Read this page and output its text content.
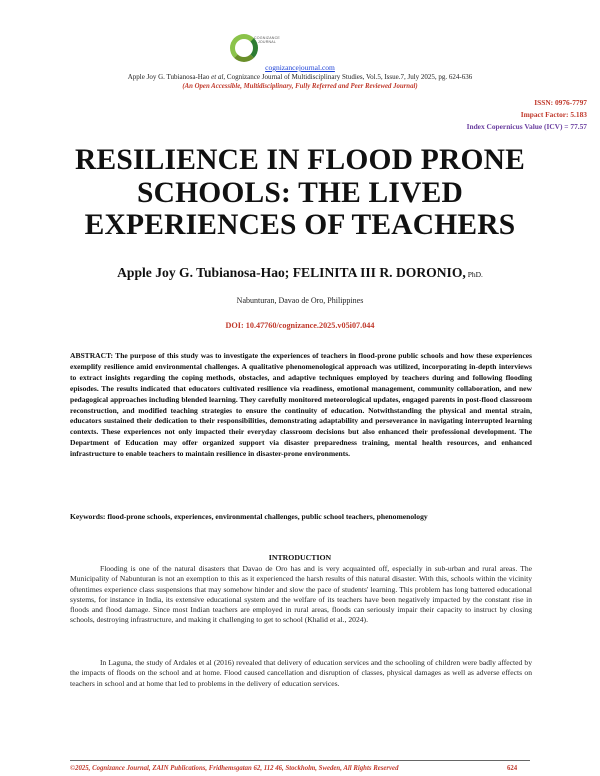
COGNIZANCE JOURNAL
cognizancejournal.com
Apple Joy G. Tubianosa-Hao et al, Cognizance Journal of Multidisciplinary Studies, Vol.5, Issue.7, July 2025, pg. 624-636
(An Open Accessible, Multidisciplinary, Fully Referred and Peer Reviewed Journal)
ISSN: 0976-7797
Impact Factor: 5.183
Index Copernicus Value (ICV) = 77.57
RESILIENCE IN FLOOD PRONE SCHOOLS: THE LIVED EXPERIENCES OF TEACHERS
Apple Joy G. Tubianosa-Hao; FELINITA III R. DORONIO, PhD.
Nabunturan, Davao de Oro, Philippines
DOI: 10.47760/cognizance.2025.v05i07.044

ABSTRACT: The purpose of this study was to investigate the experiences of teachers in flood-prone public schools and how these experiences exemplify resilience amid environmental challenges. A qualitative phenomenological approach was utilized, incorporating in-depth interviews to extract insights regarding the coping methods, obstacles, and adaptive techniques employed by teachers during and following flooding episodes. The results indicated that educators cultivated resilience via readiness, emotional management, community collaboration, and new pedagogical approaches including blended learning. They carefully monitored meteorological updates, engaged parents in post-flood classroom reconstruction, and modified teaching strategies to ensure the continuity of education. Notwithstanding the physical and mental strain, educators sustained their dedication to their responsibilities, demonstrating adaptability and perseverance in navigating interrupted learning contexts. These experiences not only impacted their everyday classroom decisions but also enhanced their professional development. The Department of Education may offer organized support via disaster preparedness training, mental health resources, and enhanced infrastructure to enable teachers to maintain resilience in disaster-prone environments.

Keywords: flood-prone schools, experiences, environmental challenges, public school teachers, phenomenology

INTRODUCTION

Flooding is one of the natural disasters that Davao de Oro has and is very acquainted off, especially in sub-urban and rural areas. The Municipality of Nabunturan is not an exemption to this as it experienced the harsh results of this natural disaster. With this, schools within the vicinity oftentimes experience class suspensions that may somehow hinder and slow the pace of students' learning. This problem has long battered educational systems, for instance in India, its extensive educational system and the welfare of its teachers have been negatively impacted by the constant rise in floods and flood damage. Since most Indian teachers are employed in rural areas, floods can seriously impair their capacity to instruct by closing schools, destroying infrastructure, and making it challenging to get to school (Khalid et al., 2024).

In Laguna, the study of Ardales et al (2016) revealed that delivery of education services and the schooling of children were badly affected by the impacts of floods on the school and at home. Flood caused cancellation and disruption of classes, physical damages as well as adverse effects on teachers in school and at home that led to problems in the delivery of education services.

©2025, Cognizance Journal, ZAIN Publications, Fridhemsgatan 62, 112 46, Stockholm, Sweden, All Rights Reserved	624
